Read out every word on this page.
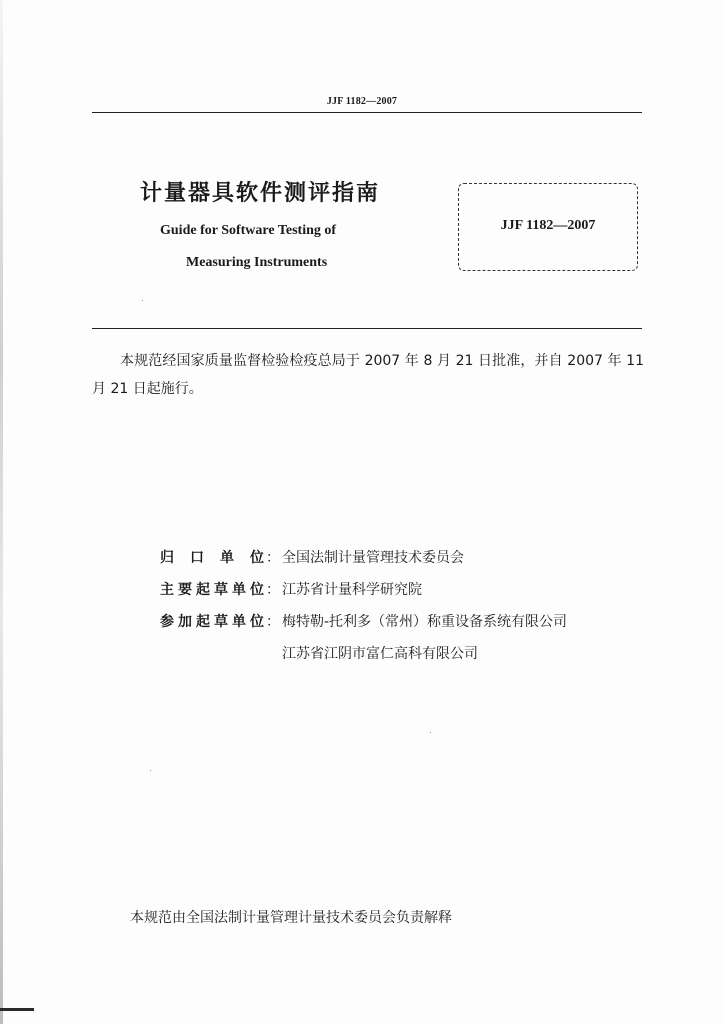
JJF 1182—2007
计量器具软件测评指南
Guide for Software Testing of
Measuring Instruments
JJF 1182—2007
本规范经国家质量监督检验检疫总局于 2007 年 8 月 21 日批准，并自 2007 年 11 月 21 日起施行。
归口单位 ： 全国法制计量管理技术委员会
主要起草单位 ： 江苏省计量科学研究院
参加起草单位 ： 梅特勒-托利多（常州）称重设备系统有限公司
江苏省江阴市富仁高科有限公司
本规范由全国法制计量管理计量技术委员会负责解释
